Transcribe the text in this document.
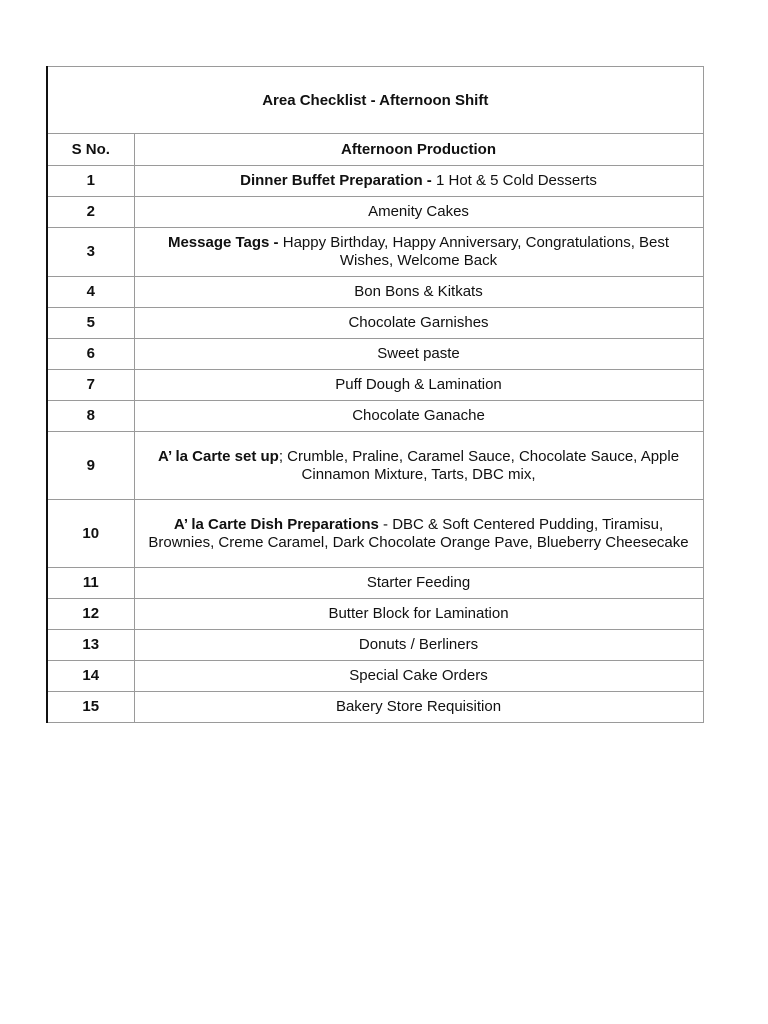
Area Checklist - Afternoon Shift	
S No.	Afternoon Production
1	Dinner Buffet Preparation - 1 Hot & 5 Cold Desserts
2	Amenity Cakes
3	Message Tags - Happy Birthday, Happy Anniversary, Congratulations, Best Wishes, Welcome Back
4	Bon Bons & Kitkats
5	Chocolate Garnishes
6	Sweet paste
7	Puff Dough & Lamination
8	Chocolate Ganache
9	A’ la Carte set up; Crumble, Praline, Caramel Sauce, Chocolate Sauce, Apple Cinnamon Mixture, Tarts, DBC mix,
10	A’ la Carte Dish Preparations - DBC & Soft Centered Pudding, Tiramisu, Brownies, Creme Caramel, Dark Chocolate Orange Pave, Blueberry Cheesecake
11	Starter Feeding
12	Butter Block for Lamination
13	Donuts / Berliners
14	Special Cake Orders
15	Bakery Store Requisition
